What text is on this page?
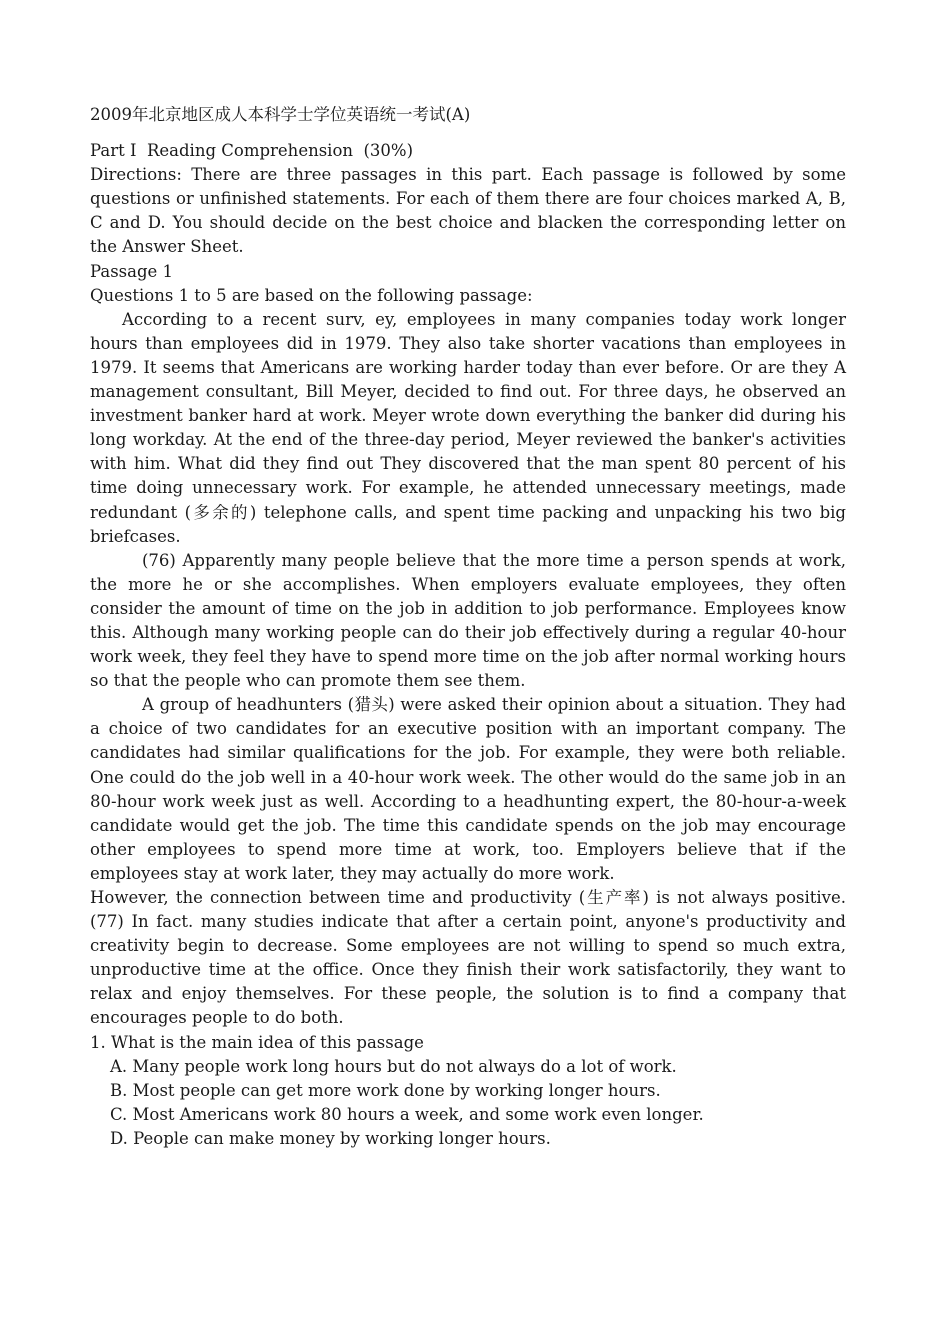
2009年北京地区成人本科学士学位英语统一考试(A)

Part I  Reading Comprehension  (30%)

Directions: There are three passages in this part. Each passage is followed by some questions or unfinished statements. For each of them there are four choices marked A, B, C and D. You should decide on the best choice and blacken the corresponding letter on the Answer Sheet.

Passage 1

Questions 1 to 5 are based on the following passage:

According to a recent surv, ey, employees in many companies today work longer hours than employees did in 1979. They also take shorter vacations than employees in 1979. It seems that Americans are working harder today than ever before. Or are they A management consultant, Bill Meyer, decided to find out. For three days, he observed an investment banker hard at work. Meyer wrote down everything the banker did during his long workday. At the end of the three-day period, Meyer reviewed the banker's activities with him. What did they find out They discovered that the man spent 80 percent of his time doing unnecessary work. For example, he attended unnecessary meetings, made redundant (多余的) telephone calls, and spent time packing and unpacking his two big briefcases.

(76) Apparently many people believe that the more time a person spends at work, the more he or she accomplishes. When employers evaluate employees, they often consider the amount of time on the job in addition to job performance. Employees know this. Although many working people can do their job effectively during a regular 40-hour work week, they feel they have to spend more time on the job after normal working hours so that the people who can promote them see them.

A group of headhunters (猎头) were asked their opinion about a situation. They had a choice of two candidates for an executive position with an important company. The candidates had similar qualifications for the job. For example, they were both reliable. One could do the job well in a 40-hour work week. The other would do the same job in an 80-hour work week just as well. According to a headhunting expert, the 80-hour-a-week candidate would get the job. The time this candidate spends on the job may encourage other employees to spend more time at work, too. Employers believe that if the employees stay at work later, they may actually do more work.

However, the connection between time and productivity (生产率) is not always positive. (77) In fact. many studies indicate that after a certain point, anyone's productivity and creativity begin to decrease. Some employees are not willing to spend so much extra, unproductive time at the office. Once they finish their work satisfactorily, they want to relax and enjoy themselves. For these people, the solution is to find a company that encourages people to do both.

1. What is the main idea of this passage

A. Many people work long hours but do not always do a lot of work.

B. Most people can get more work done by working longer hours.

C. Most Americans work 80 hours a week, and some work even longer.

D. People can make money by working longer hours.
